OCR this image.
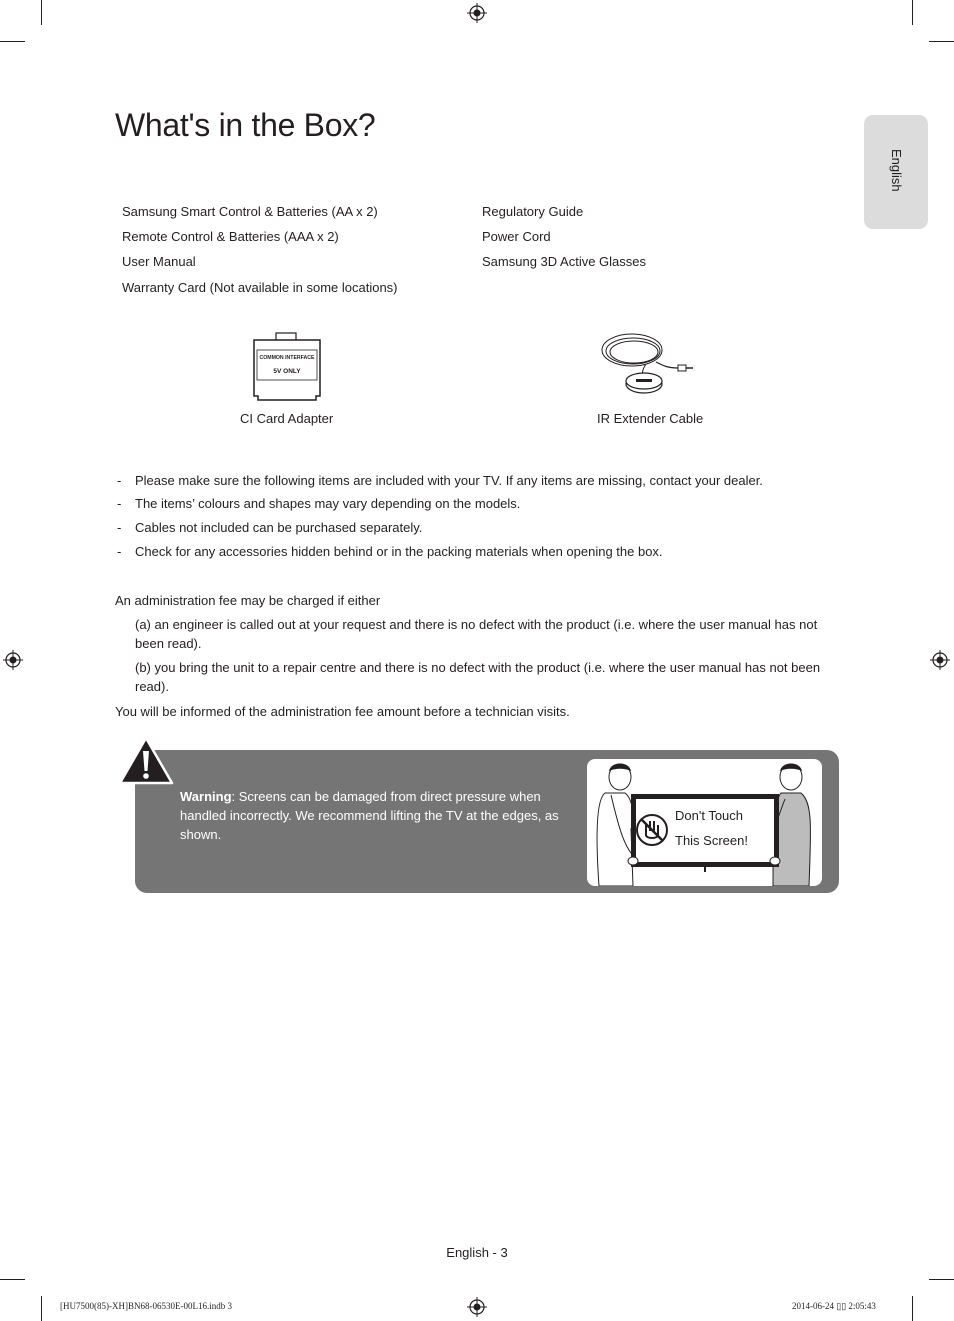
What's in the Box?
English
Samsung Smart Control & Batteries (AA x 2)
Remote Control & Batteries (AAA x 2)
User Manual
Warranty Card (Not available in some locations)
Regulatory Guide
Power Cord
Samsung 3D Active Glasses
COMMON INTERFACE
5V ONLY
CI Card Adapter	IR Extender Cable
- Please make sure the following items are included with your TV. If any items are missing, contact your dealer.
- The items’ colours and shapes may vary depending on the models.
- Cables not included can be purchased separately.
- Check for any accessories hidden behind or in the packing materials when opening the box.
An administration fee may be charged if either
(a) an engineer is called out at your request and there is no defect with the product (i.e. where the user manual has not been read).
(b) you bring the unit to a repair centre and there is no defect with the product (i.e. where the user manual has not been read).
You will be informed of the administration fee amount before a technician visits.
Warning: Screens can be damaged from direct pressure when handled incorrectly. We recommend lifting the TV at the edges, as shown.
Don't Touch
This Screen!
English - 3
[HU7500(85)-XH]BN68-06530E-00L16.indb 3	2014-06-24 ▯▯ 2:05:43
